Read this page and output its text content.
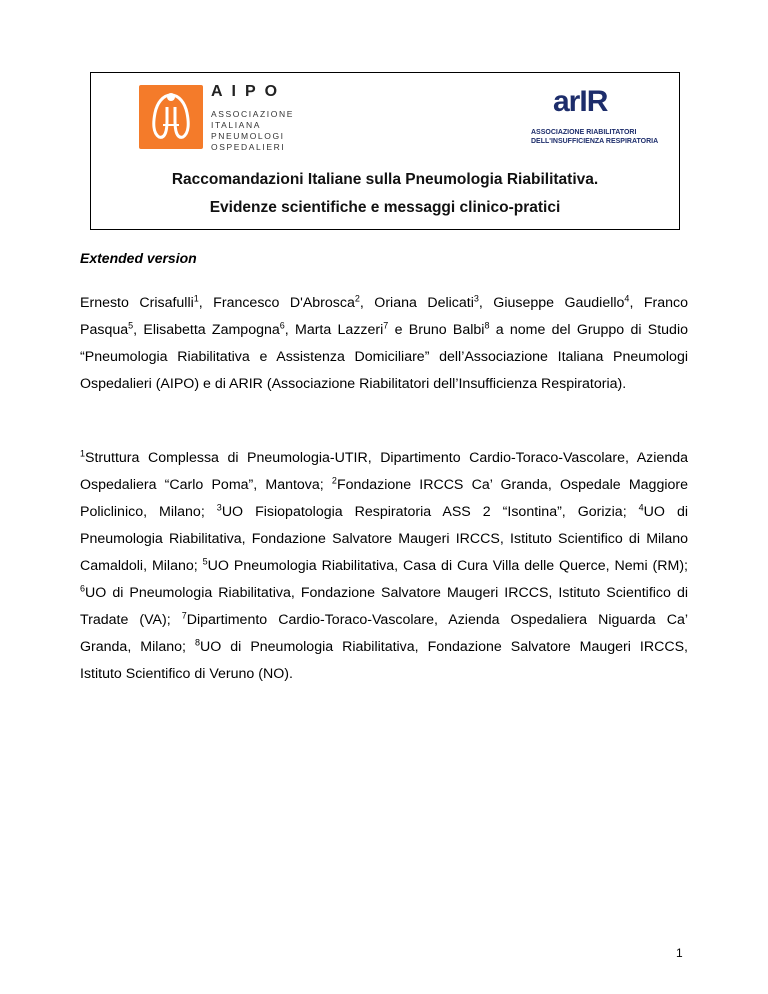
AIPO
ASSOCIAZIONE
ITALIANA
PNEUMOLOGI
OSPEDALIERI
arIR
ASSOCIAZIONE RIABILITATORI
DELL'INSUFFICIENZA RESPIRATORIA
Raccomandazioni Italiane sulla Pneumologia Riabilitativa.
Evidenze scientifiche e messaggi clinico-pratici
Extended version
Ernesto Crisafulli$^1$, Francesco D'Abrosca$^2$, Oriana Delicati$^3$, Giuseppe Gaudiello$^4$, Franco Pasqua$^5$, Elisabetta Zampogna$^6$, Marta Lazzeri$^7$ e Bruno Balbi$^8$ a nome del Gruppo di Studio “Pneumologia Riabilitativa e Assistenza Domiciliare” dell’Associazione Italiana Pneumologi Ospedalieri (AIPO) e di ARIR (Associazione Riabilitatori dell’Insufficienza Respiratoria).
$^1$Struttura Complessa di Pneumologia-UTIR, Dipartimento Cardio-Toraco-Vascolare, Azienda Ospedaliera “Carlo Poma”, Mantova; $^2$Fondazione IRCCS Ca’ Granda, Ospedale Maggiore Policlinico, Milano; $^3$UO Fisiopatologia Respiratoria ASS 2 “Isontina”, Gorizia; $^4$UO di Pneumologia Riabilitativa, Fondazione Salvatore Maugeri IRCCS, Istituto Scientifico di Milano Camaldoli, Milano; $^5$UO Pneumologia Riabilitativa, Casa di Cura Villa delle Querce, Nemi (RM); $^6$UO di Pneumologia Riabilitativa, Fondazione Salvatore Maugeri IRCCS, Istituto Scientifico di Tradate (VA); $^7$Dipartimento Cardio-Toraco-Vascolare, Azienda Ospedaliera Niguarda Ca’ Granda, Milano; $^8$UO di Pneumologia Riabilitativa, Fondazione Salvatore Maugeri IRCCS, Istituto Scientifico di Veruno (NO).
1
